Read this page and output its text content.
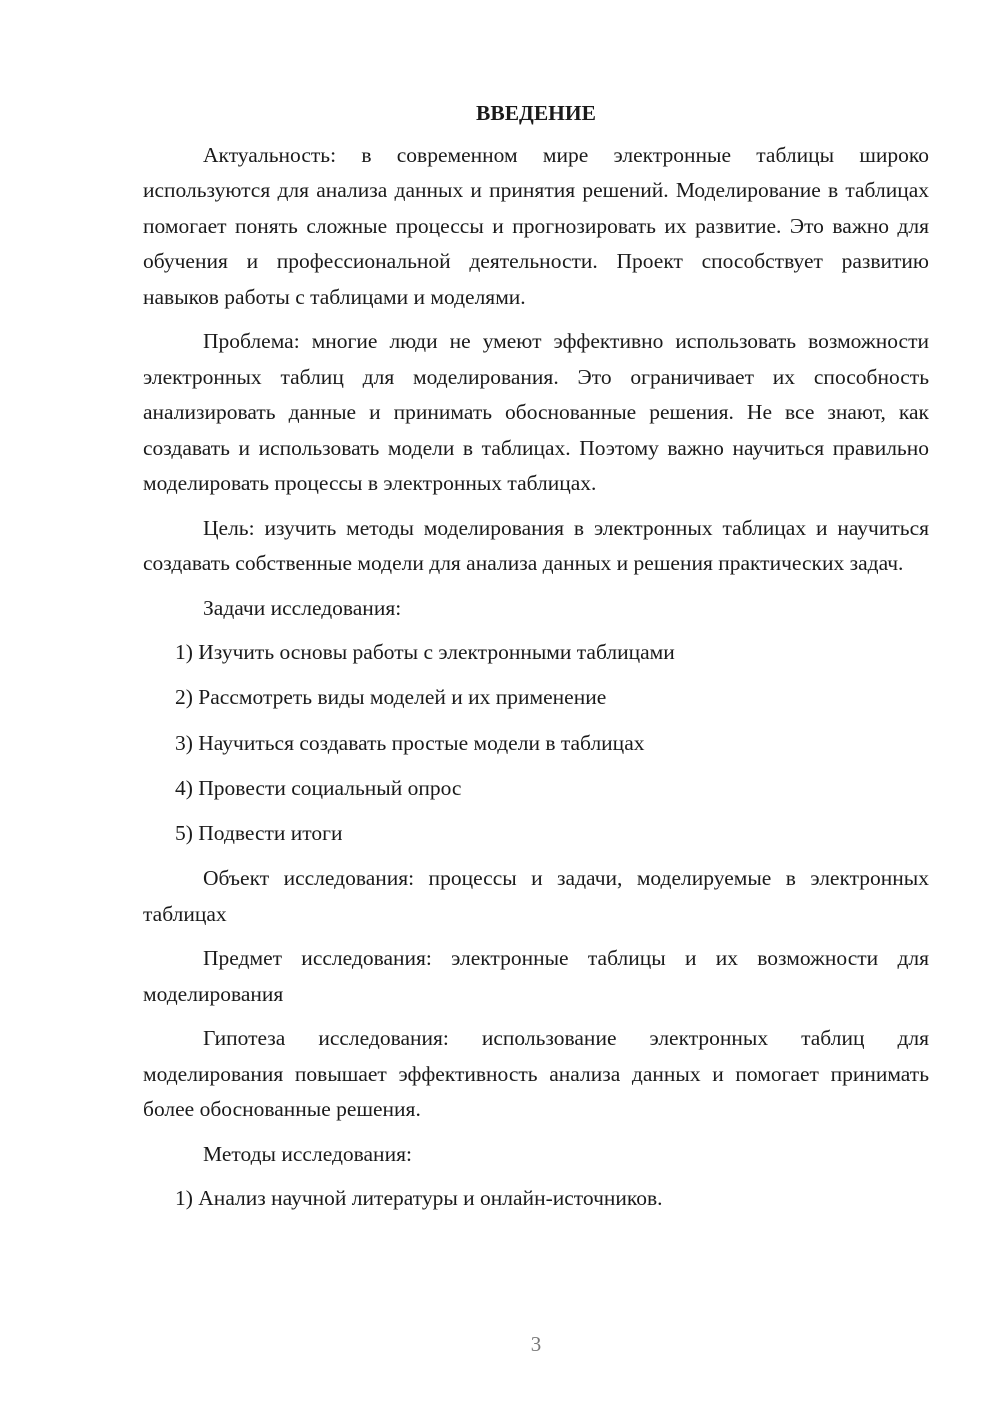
ВВЕДЕНИЕ

Актуальность: в современном мире электронные таблицы широко используются для анализа данных и принятия решений. Моделирование в таблицах помогает понять сложные процессы и прогнозировать их развитие. Это важно для обучения и профессиональной деятельности. Проект способствует развитию навыков работы с таблицами и моделями.

Проблема: многие люди не умеют эффективно использовать возможности электронных таблиц для моделирования. Это ограничивает их способность анализировать данные и принимать обоснованные решения. Не все знают, как создавать и использовать модели в таблицах. Поэтому важно научиться правильно моделировать процессы в электронных таблицах.

Цель: изучить методы моделирования в электронных таблицах и научиться создавать собственные модели для анализа данных и решения практических задач.

Задачи исследования:

1) Изучить основы работы с электронными таблицами
2) Рассмотреть виды моделей и их применение
3) Научиться создавать простые модели в таблицах
4) Провести социальный опрос
5) Подвести итоги

Объект исследования: процессы и задачи, моделируемые в электронных таблицах

Предмет исследования: электронные таблицы и их возможности для моделирования

Гипотеза исследования: использование электронных таблиц для моделирования повышает эффективность анализа данных и помогает принимать более обоснованные решения.

Методы исследования:

1) Анализ научной литературы и онлайн-источников.
3
